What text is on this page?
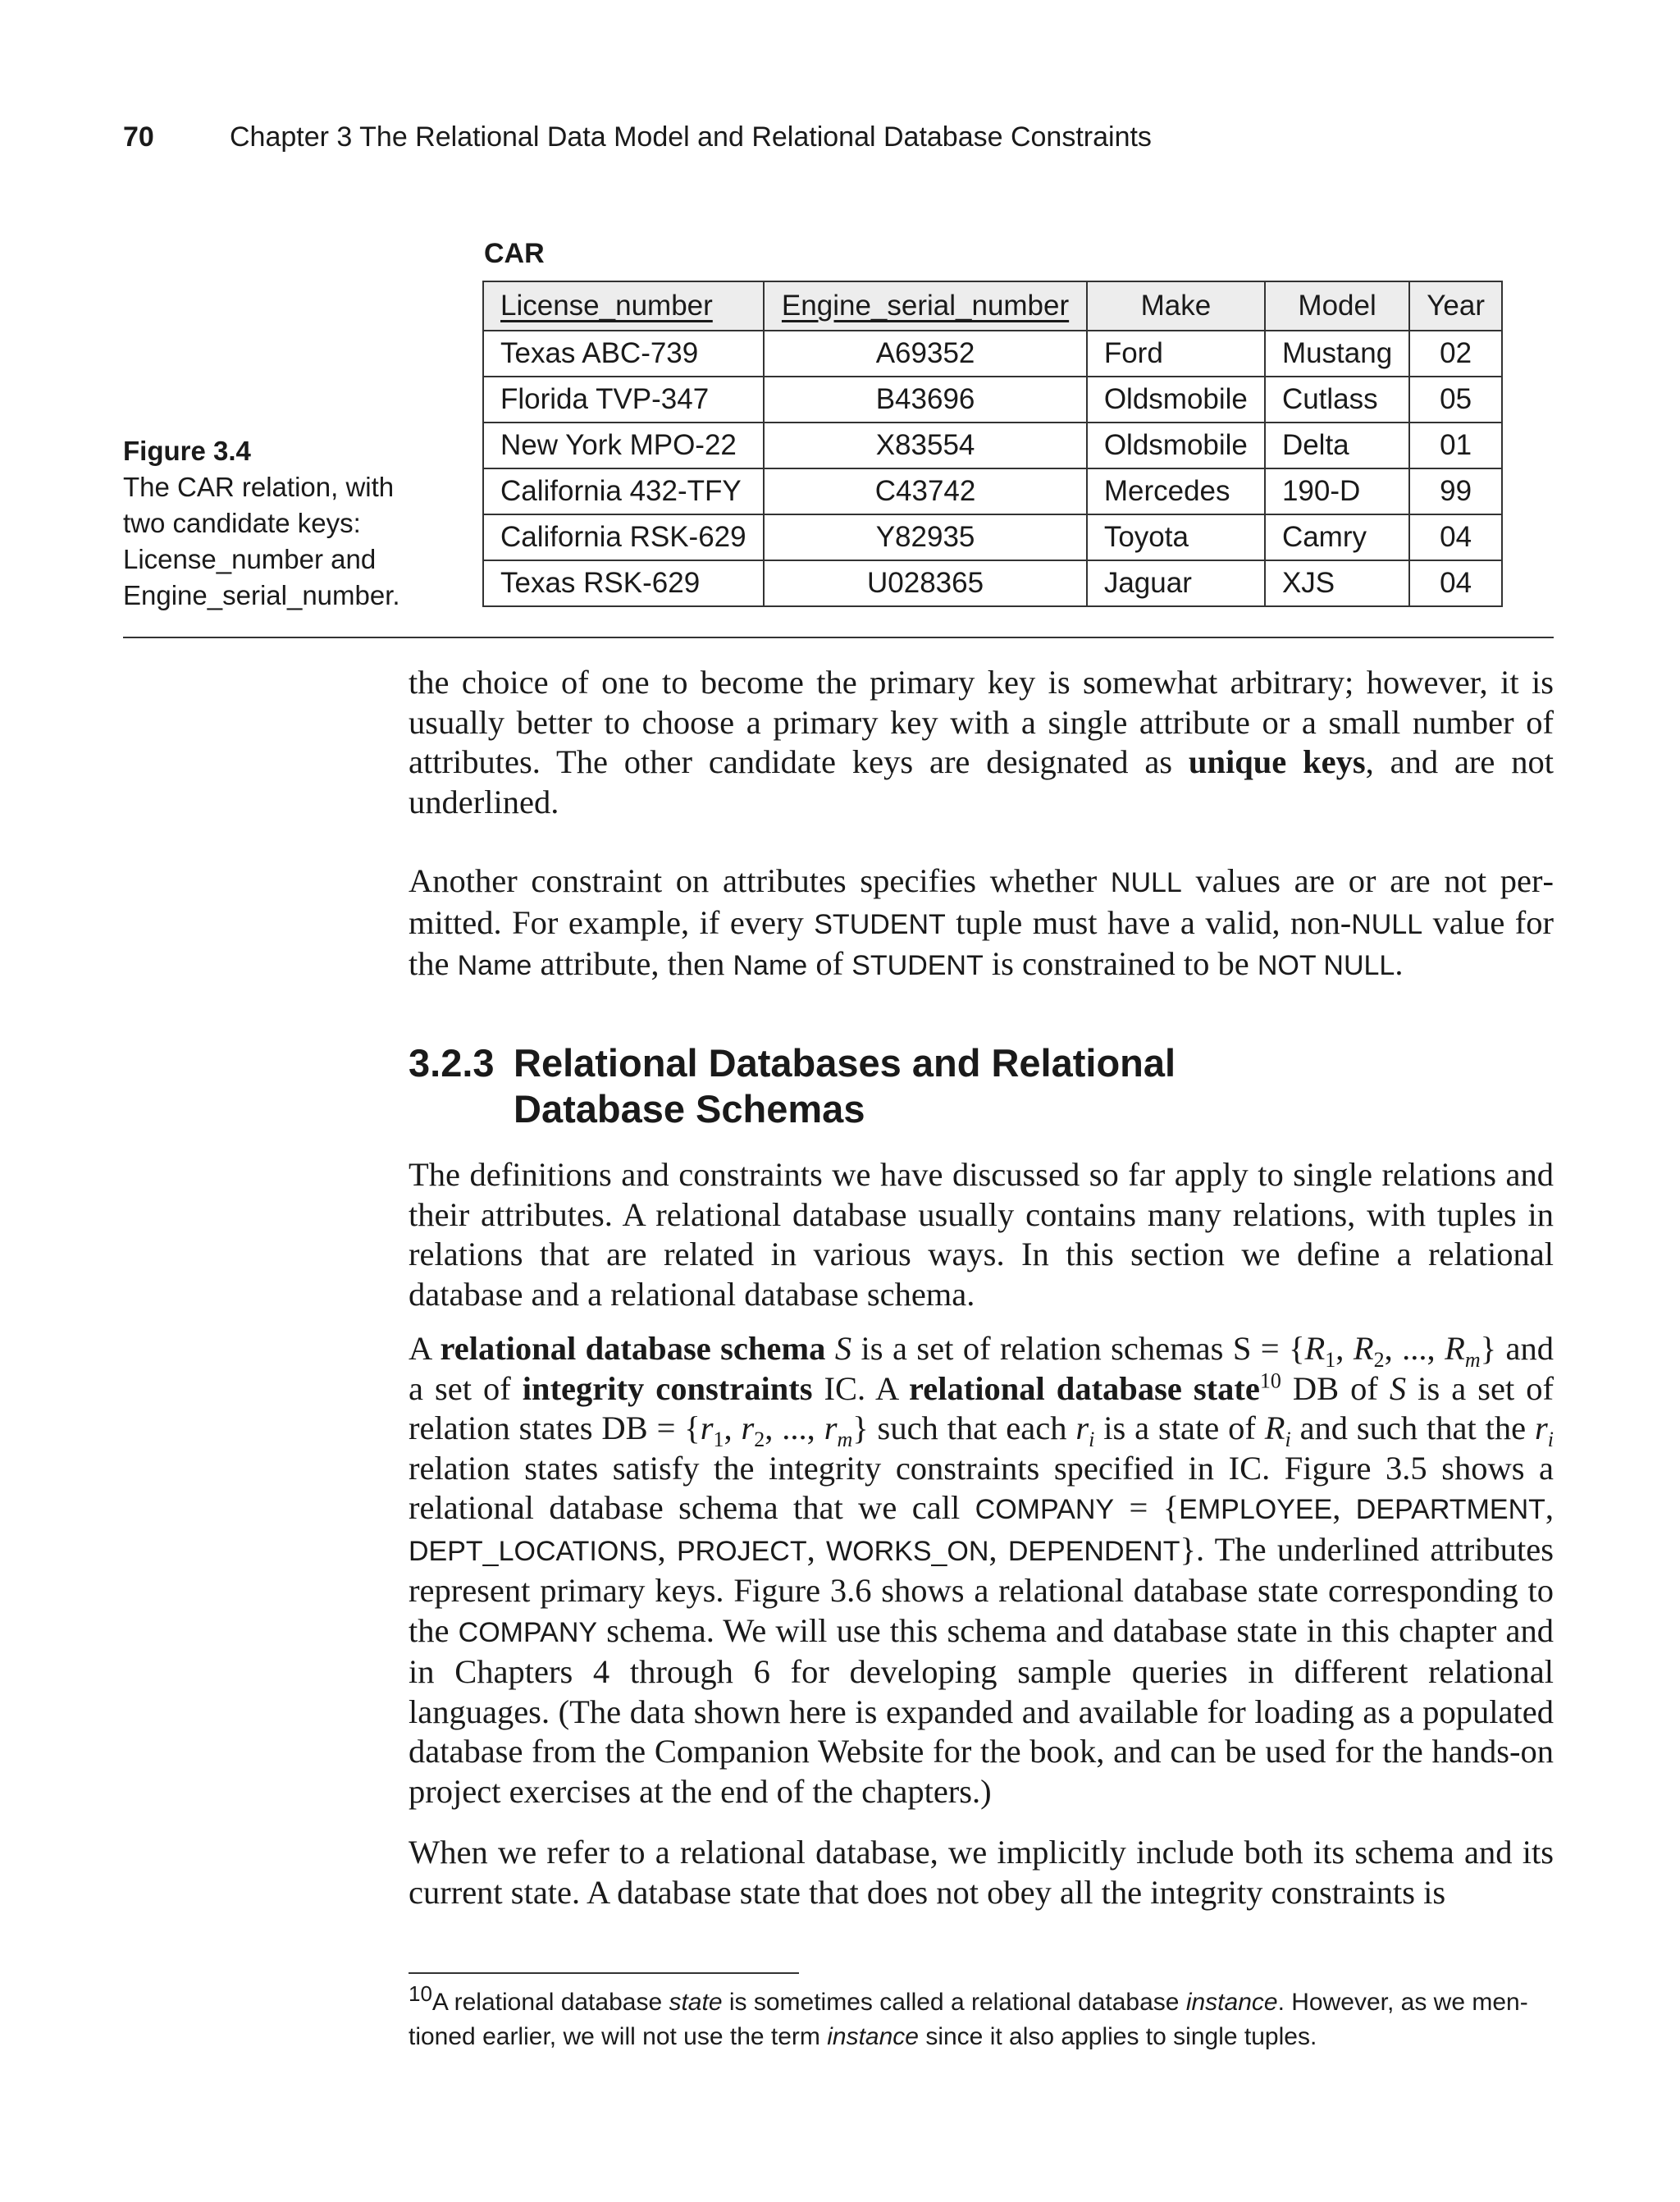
70	Chapter 3 The Relational Data Model and Relational Database Constraints
Figure 3.4
The CAR relation, with two candidate keys: License_number and Engine_serial_number.
CAR
License_number	Engine_serial_number	Make	Model	Year
Texas ABC-739	A69352	Ford	Mustang	02
Florida TVP-347	B43696	Oldsmobile	Cutlass	05
New York MPO-22	X83554	Oldsmobile	Delta	01
California 432-TFY	C43742	Mercedes	190-D	99
California RSK-629	Y82935	Toyota	Camry	04
Texas RSK-629	U028365	Jaguar	XJS	04

the choice of one to become the primary key is somewhat arbitrary; however, it is usually better to choose a primary key with a single attribute or a small number of attributes. The other candidate keys are designated as unique keys, and are not underlined.

Another constraint on attributes specifies whether NULL values are or are not permitted. For example, if every STUDENT tuple must have a valid, non-NULL value for the Name attribute, then Name of STUDENT is constrained to be NOT NULL.

3.2.3 Relational Databases and Relational
Database Schemas

The definitions and constraints we have discussed so far apply to single relations and their attributes. A relational database usually contains many relations, with tuples in relations that are related in various ways. In this section we define a relational database and a relational database schema.

A relational database schema S is a set of relation schemas $S = \{R_1$, $R_2$, ..., $R_m$} and a set of integrity constraints IC. A relational database state$^{10}$ DB of S is a set of relation states DB = {$r_1$, $r_2$, ..., $r_m$} such that each $r_i$ is a state of $R_i$ and such that the $r_i$ relation states satisfy the integrity constraints specified in IC. Figure 3.5 shows a relational database schema that we call COMPANY = {EMPLOYEE, DEPARTMENT, DEPT_LOCATIONS, PROJECT, WORKS_ON, DEPENDENT}. The underlined attributes represent primary keys. Figure 3.6 shows a relational database state corresponding to the COMPANY schema. We will use this schema and database state in this chapter and in Chapters 4 through 6 for developing sample queries in different relational languages. (The data shown here is expanded and available for loading as a populated database from the Companion Website for the book, and can be used for the hands-on project exercises at the end of the chapters.)

When we refer to a relational database, we implicitly include both its schema and its current state. A database state that does not obey all the integrity constraints is

$^{10}$A relational database state is sometimes called a relational database instance. However, as we mentioned earlier, we will not use the term instance since it also applies to single tuples.
